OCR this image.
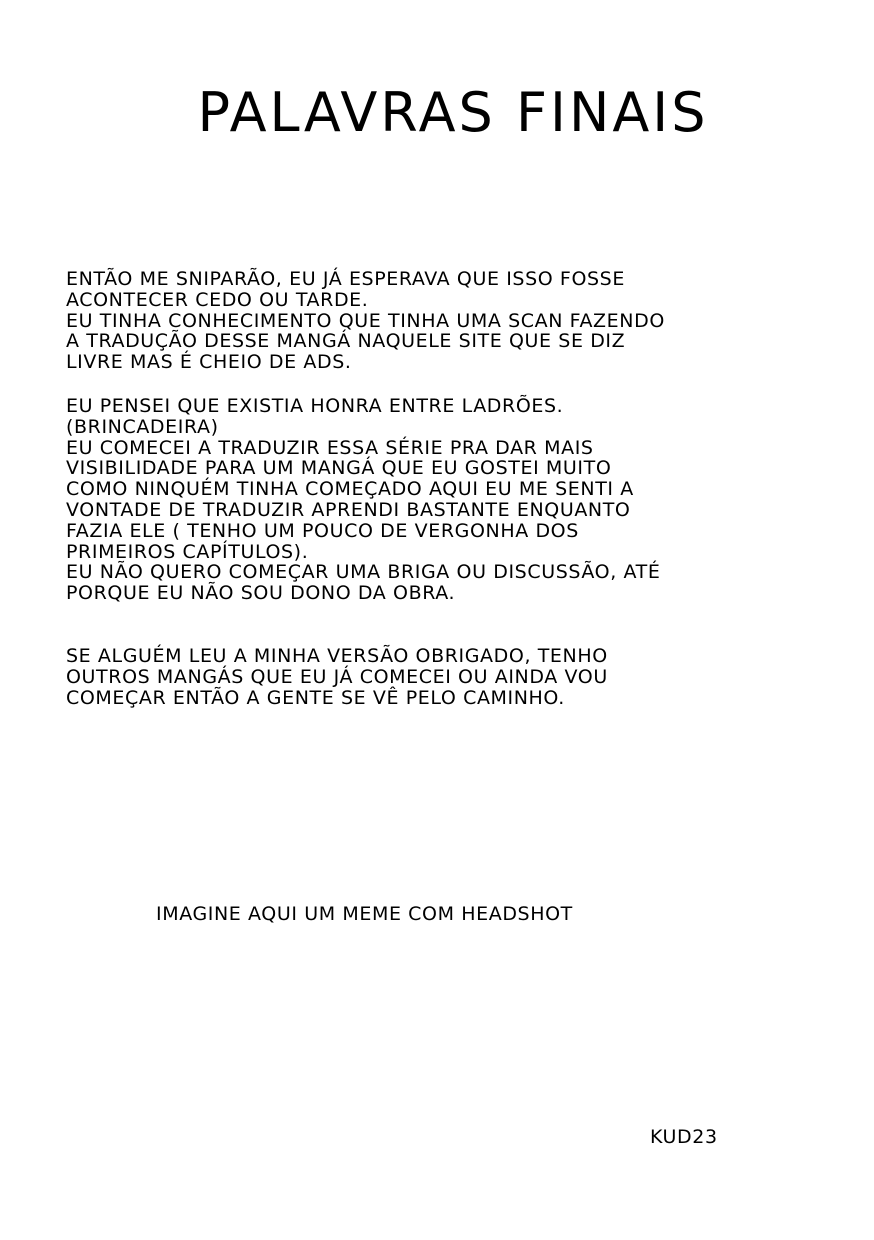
PALAVRAS FINAIS
ENTÃO ME SNIPARÃO, EU JÁ ESPERAVA QUE ISSO FOSSE
ACONTECER CEDO OU TARDE.
EU TINHA CONHECIMENTO QUE TINHA UMA SCAN FAZENDO
A TRADUÇÃO DESSE MANGÁ NAQUELE SITE QUE SE DIZ
LIVRE MAS É CHEIO DE ADS.
EU PENSEI QUE EXISTIA HONRA ENTRE LADRÕES.
(BRINCADEIRA)
EU COMECEI A TRADUZIR ESSA SÉRIE PRA DAR MAIS
VISIBILIDADE PARA UM MANGÁ QUE EU GOSTEI MUITO
COMO NINQUÉM TINHA COMEÇADO AQUI EU ME SENTI A
VONTADE DE TRADUZIR APRENDI BASTANTE ENQUANTO
FAZIA ELE ( TENHO UM POUCO DE VERGONHA DOS
PRIMEIROS CAPÍTULOS).
EU NÃO QUERO COMEÇAR UMA BRIGA OU DISCUSSÃO, ATÉ
PORQUE EU NÃO SOU DONO DA OBRA.
SE ALGUÉM LEU A MINHA VERSÃO OBRIGADO, TENHO
OUTROS MANGÁS QUE EU JÁ COMECEI OU AINDA VOU
COMEÇAR ENTÃO A GENTE SE VÊ PELO CAMINHO.

IMAGINE AQUI UM MEME COM HEADSHOT

KUD23
